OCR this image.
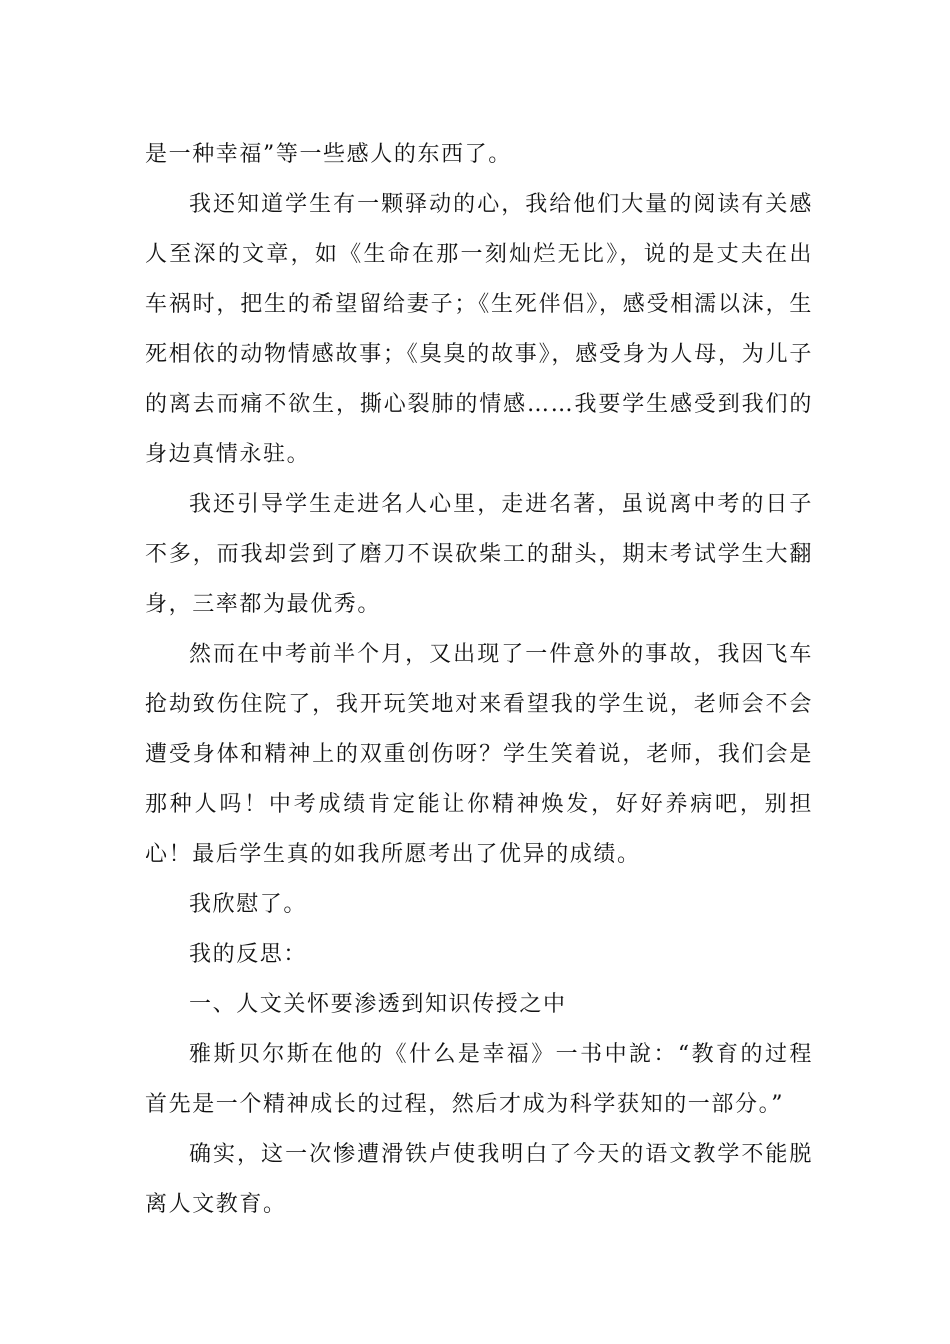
是一种幸福”等一些感人的东西了。

我还知道学生有一颗驿动的心，我给他们大量的阅读有关感人至深的文章，如《生命在那一刻灿烂无比》，说的是丈夫在出车祸时，把生的希望留给妻子；《生死伴侣》，感受相濡以沫，生死相依的动物情感故事；《臭臭的故事》，感受身为人母，为儿子的离去而痛不欲生，撕心裂肺的情感……我要学生感受到我们的身边真情永驻。

我还引导学生走进名人心里，走进名著，虽说离中考的日子不多，而我却尝到了磨刀不误砍柴工的甜头，期末考试学生大翻身，三率都为最优秀。

然而在中考前半个月，又出现了一件意外的事故，我因飞车抢劫致伤住院了，我开玩笑地对来看望我的学生说，老师会不会遭受身体和精神上的双重创伤呀？学生笑着说，老师，我们会是那种人吗！中考成绩肯定能让你精神焕发，好好养病吧，别担心！最后学生真的如我所愿考出了优异的成绩。

我欣慰了。

我的反思：

一、人文关怀要渗透到知识传授之中

雅斯贝尔斯在他的《什么是幸福》一书中說：“教育的过程首先是一个精神成长的过程，然后才成为科学获知的一部分。”

确实，这一次惨遭滑铁卢使我明白了今天的语文教学不能脱离人文教育。
